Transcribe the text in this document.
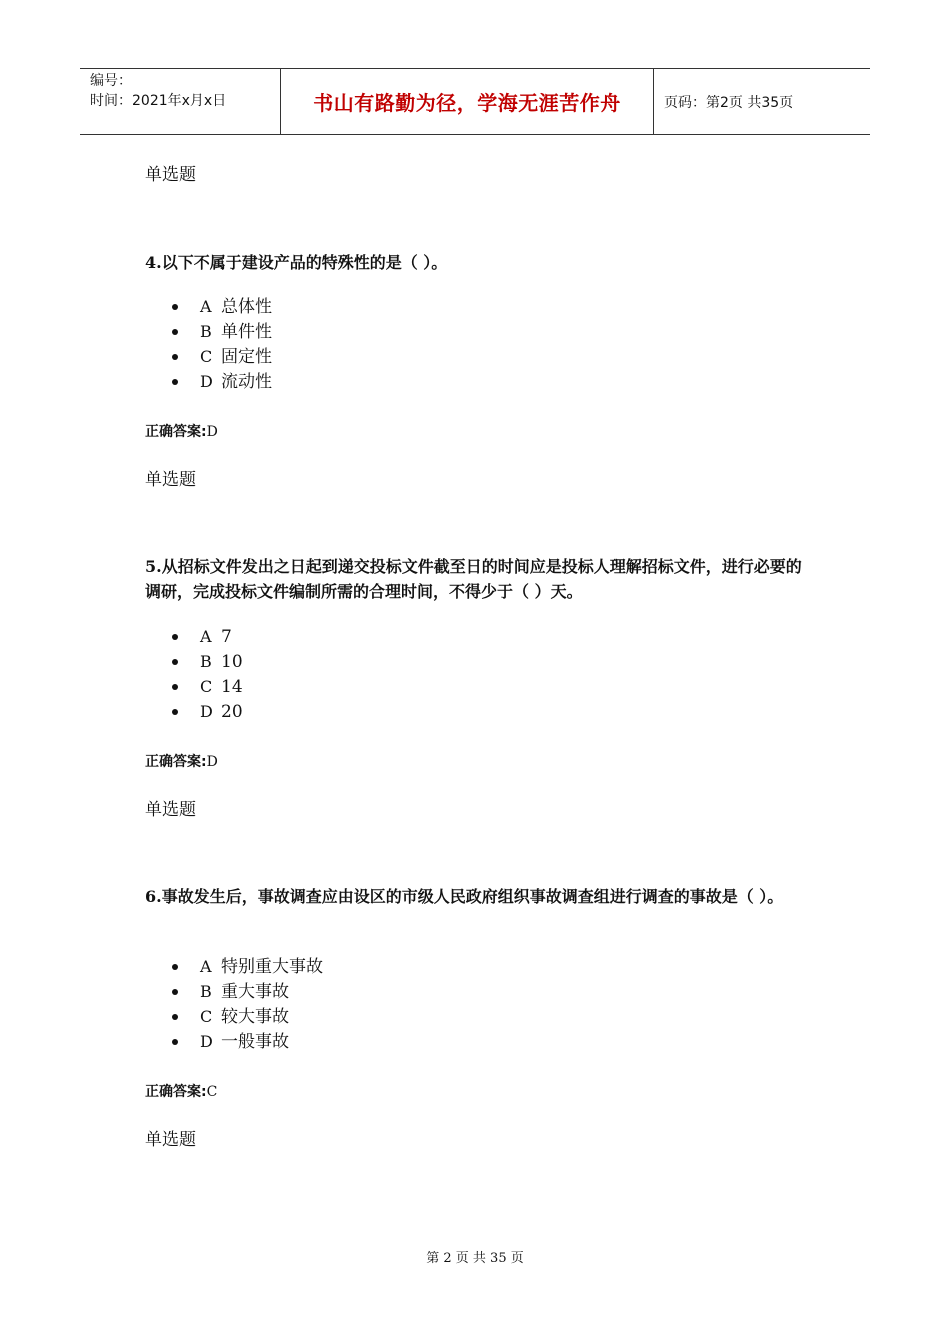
编号：
时间：2021年x月x日	书山有路勤为径，学海无涯苦作舟	页码：第2页 共35页
单选题
4.以下不属于建设产品的特殊性的是（ ）。
A 总体性
B 单件性
C 固定性
D 流动性
正确答案:D
单选题
5.从招标文件发出之日起到递交投标文件截至日的时间应是投标人理解招标文件，进行必要的调研，完成投标文件编制所需的合理时间，不得少于（ ）天。
A 7
B 10
C 14
D 20
正确答案:D
单选题
6.事故发生后，事故调查应由设区的市级人民政府组织事故调查组进行调查的事故是（ ）。
A 特别重大事故
B 重大事故
C 较大事故
D 一般事故
正确答案:C
单选题
第 2 页 共 35 页
